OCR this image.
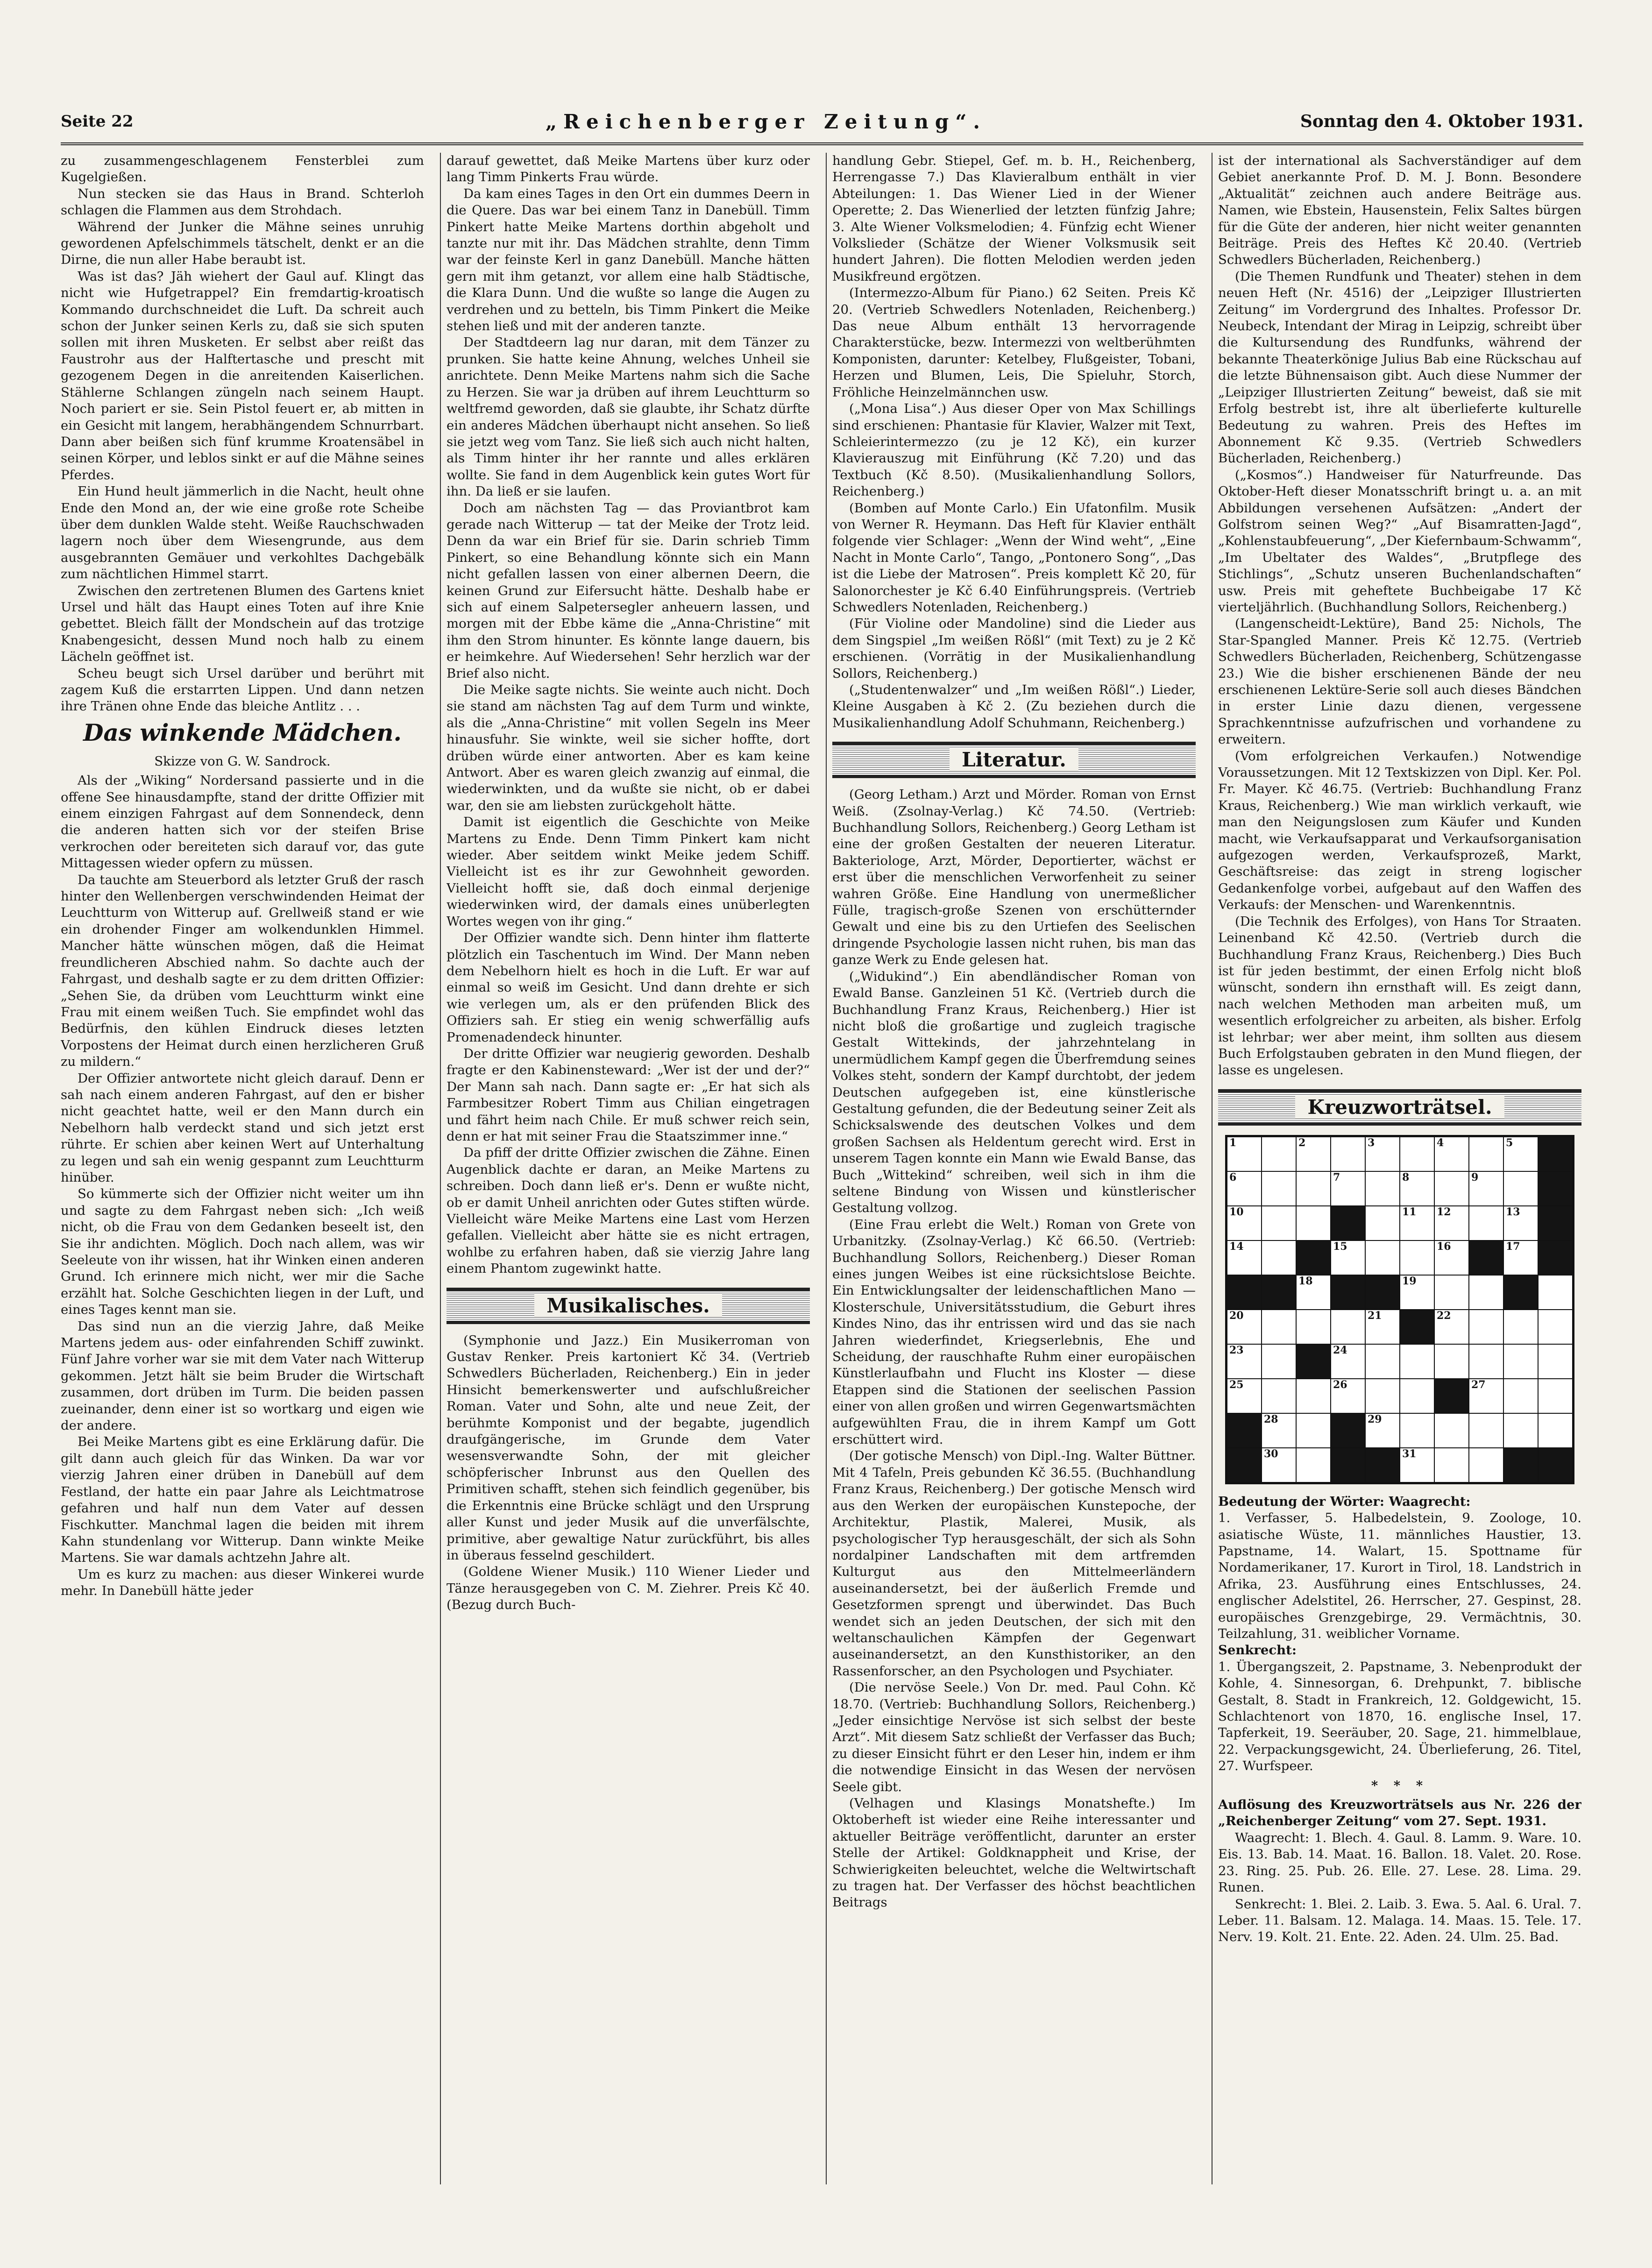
Seite 22	„Reichenberger Zeitung“.	Sonntag den 4. Oktober 1931.

zu zusammengeschlagenem Fensterblei zum Kugelgießen.

Nun stecken sie das Haus in Brand. Schterloh schlagen die Flammen aus dem Strohdach.

Während der Junker die Mähne seines unruhig gewordenen Apfelschimmels tätschelt, denkt er an die Dirne, die nun aller Habe beraubt ist.

Was ist das? Jäh wiehert der Gaul auf. Klingt das nicht wie Hufgetrappel? Ein fremdartig-kroatisch Kommando durchschneidet die Luft. Da schreit auch schon der Junker seinen Kerls zu, daß sie sich sputen sollen mit ihren Musketen. Er selbst aber reißt das Faustrohr aus der Halftertasche und prescht mit gezogenem Degen in die anreitenden Kaiserlichen. Stählerne Schlangen züngeln nach seinem Haupt. Noch pariert er sie. Sein Pistol feuert er, ab mitten in ein Gesicht mit langem, herabhängendem Schnurrbart. Dann aber beißen sich fünf krumme Kroatensäbel in seinen Körper, und leblos sinkt er auf die Mähne seines Pferdes.

Ein Hund heult jämmerlich in die Nacht, heult ohne Ende den Mond an, der wie eine große rote Scheibe über dem dunklen Walde steht. Weiße Rauchschwaden lagern noch über dem Wiesengrunde, aus dem ausgebrannten Gemäuer und verkohltes Dachgebälk zum nächtlichen Himmel starrt.

Zwischen den zertretenen Blumen des Gartens kniet Ursel und hält das Haupt eines Toten auf ihre Knie gebettet. Bleich fällt der Mondschein auf das trotzige Knabengesicht, dessen Mund noch halb zu einem Lächeln geöffnet ist.

Scheu beugt sich Ursel darüber und berührt mit zagem Kuß die erstarrten Lippen. Und dann netzen ihre Tränen ohne Ende das bleiche Antlitz . . .

Das winkende Mädchen.
Skizze von G. W. Sandrock.

Als der „Wiking“ Nordersand passierte und in die offene See hinausdampfte, stand der dritte Offizier mit einem einzigen Fahrgast auf dem Sonnendeck, denn die anderen hatten sich vor der steifen Brise verkrochen oder bereiteten sich darauf vor, das gute Mittagessen wieder opfern zu müssen.

Da tauchte am Steuerbord als letzter Gruß der rasch hinter den Wellenbergen verschwindenden Heimat der Leuchtturm von Witterup auf. Grellweiß stand er wie ein drohender Finger am wolkendunklen Himmel. Mancher hätte wünschen mögen, daß die Heimat freundlicheren Abschied nahm. So dachte auch der Fahrgast, und deshalb sagte er zu dem dritten Offizier: „Sehen Sie, da drüben vom Leuchtturm winkt eine Frau mit einem weißen Tuch. Sie empfindet wohl das Bedürfnis, den kühlen Eindruck dieses letzten Vorpostens der Heimat durch einen herzlicheren Gruß zu mildern.“

Der Offizier antwortete nicht gleich darauf. Denn er sah nach einem anderen Fahrgast, auf den er bisher nicht geachtet hatte, weil er den Mann durch ein Nebelhorn halb verdeckt stand und sich jetzt erst rührte. Er schien aber keinen Wert auf Unterhaltung zu legen und sah ein wenig gespannt zum Leuchtturm hinüber.

So kümmerte sich der Offizier nicht weiter um ihn und sagte zu dem Fahrgast neben sich: „Ich weiß nicht, ob die Frau von dem Gedanken beseelt ist, den Sie ihr andichten. Möglich. Doch nach allem, was wir Seeleute von ihr wissen, hat ihr Winken einen anderen Grund. Ich erinnere mich nicht, wer mir die Sache erzählt hat. Solche Geschichten liegen in der Luft, und eines Tages kennt man sie.

Das sind nun an die vierzig Jahre, daß Meike Martens jedem aus- oder einfahrenden Schiff zuwinkt. Fünf Jahre vorher war sie mit dem Vater nach Witterup gekommen. Jetzt hält sie beim Bruder die Wirtschaft zusammen, dort drüben im Turm. Die beiden passen zueinander, denn einer ist so wortkarg und eigen wie der andere.

Bei Meike Martens gibt es eine Erklärung dafür. Die gilt dann auch gleich für das Winken. Da war vor vierzig Jahren einer drüben in Danebüll auf dem Festland, der hatte ein paar Jahre als Leichtmatrose gefahren und half nun dem Vater auf dessen Fischkutter. Manchmal lagen die beiden mit ihrem Kahn stundenlang vor Witterup. Dann winkte Meike Martens. Sie war damals achtzehn Jahre alt.

Um es kurz zu machen: aus dieser Winkerei wurde mehr. In Danebüll hätte jeder

darauf gewettet, daß Meike Martens über kurz oder lang Timm Pinkerts Frau würde.

Da kam eines Tages in den Ort ein dummes Deern in die Quere. Das war bei einem Tanz in Danebüll. Timm Pinkert hatte Meike Martens dorthin abgeholt und tanzte nur mit ihr. Das Mädchen strahlte, denn Timm war der feinste Kerl in ganz Danebüll. Manche hätten gern mit ihm getanzt, vor allem eine halb Städtische, die Klara Dunn. Und die wußte so lange die Augen zu verdrehen und zu betteln, bis Timm Pinkert die Meike stehen ließ und mit der anderen tanzte.

Der Stadtdeern lag nur daran, mit dem Tänzer zu prunken. Sie hatte keine Ahnung, welches Unheil sie anrichtete. Denn Meike Martens nahm sich die Sache zu Herzen. Sie war ja drüben auf ihrem Leuchtturm so weltfremd geworden, daß sie glaubte, ihr Schatz dürfte ein anderes Mädchen überhaupt nicht ansehen. So ließ sie jetzt weg vom Tanz. Sie ließ sich auch nicht halten, als Timm hinter ihr her rannte und alles erklären wollte. Sie fand in dem Augenblick kein gutes Wort für ihn. Da ließ er sie laufen.

Doch am nächsten Tag — das Proviantbrot kam gerade nach Witterup — tat der Meike der Trotz leid. Denn da war ein Brief für sie. Darin schrieb Timm Pinkert, so eine Behandlung könnte sich ein Mann nicht gefallen lassen von einer albernen Deern, die keinen Grund zur Eifersucht hätte. Deshalb habe er sich auf einem Salpetersegler anheuern lassen, und morgen mit der Ebbe käme die „Anna-Christine“ mit ihm den Strom hinunter. Es könnte lange dauern, bis er heimkehre. Auf Wiedersehen! Sehr herzlich war der Brief also nicht.

Die Meike sagte nichts. Sie weinte auch nicht. Doch sie stand am nächsten Tag auf dem Turm und winkte, als die „Anna-Christine“ mit vollen Segeln ins Meer hinausfuhr. Sie winkte, weil sie sicher hoffte, dort drüben würde einer antworten. Aber es kam keine Antwort. Aber es waren gleich zwanzig auf einmal, die wiederwinkten, und da wußte sie nicht, ob er dabei war, den sie am liebsten zurückgeholt hätte.

Damit ist eigentlich die Geschichte von Meike Martens zu Ende. Denn Timm Pinkert kam nicht wieder. Aber seitdem winkt Meike jedem Schiff. Vielleicht ist es ihr zur Gewohnheit geworden. Vielleicht hofft sie, daß doch einmal derjenige wiederwinken wird, der damals eines unüberlegten Wortes wegen von ihr ging.“

Der Offizier wandte sich. Denn hinter ihm flatterte plötzlich ein Taschentuch im Wind. Der Mann neben dem Nebelhorn hielt es hoch in die Luft. Er war auf einmal so weiß im Gesicht. Und dann drehte er sich wie verlegen um, als er den prüfenden Blick des Offiziers sah. Er stieg ein wenig schwerfällig aufs Promenadendeck hinunter.

Der dritte Offizier war neugierig geworden. Deshalb fragte er den Kabinensteward: „Wer ist der und der?“ Der Mann sah nach. Dann sagte er: „Er hat sich als Farmbesitzer Robert Timm aus Chilian eingetragen und fährt heim nach Chile. Er muß schwer reich sein, denn er hat mit seiner Frau die Staatszimmer inne.“

Da pfiff der dritte Offizier zwischen die Zähne. Einen Augenblick dachte er daran, an Meike Martens zu schreiben. Doch dann ließ er's. Denn er wußte nicht, ob er damit Unheil anrichten oder Gutes stiften würde. Vielleicht wäre Meike Martens eine Last vom Herzen gefallen. Vielleicht aber hätte sie es nicht ertragen, wohlbe zu erfahren haben, daß sie vierzig Jahre lang einem Phantom zugewinkt hatte.

Musikalisches.

(Symphonie und Jazz.) Ein Musikerroman von Gustav Renker. Preis kartoniert Kč 34. (Vertrieb Schwedlers Bücherladen, Reichenberg.) Ein in jeder Hinsicht bemerkenswerter und aufschlußreicher Roman. Vater und Sohn, alte und neue Zeit, der berühmte Komponist und der begabte, jugendlich draufgängerische, im Grunde dem Vater wesensverwandte Sohn, der mit gleicher schöpferischer Inbrunst aus den Quellen des Primitiven schafft, stehen sich feindlich gegenüber, bis die Erkenntnis eine Brücke schlägt und den Ursprung aller Kunst und jeder Musik auf die unverfälschte, primitive, aber gewaltige Natur zurückführt, bis alles in überaus fesselnd geschildert.

(Goldene Wiener Musik.) 110 Wiener Lieder und Tänze herausgegeben von C. M. Ziehrer. Preis Kč 40. (Bezug durch Buch-

handlung Gebr. Stiepel, Gef. m. b. H., Reichenberg, Herrengasse 7.) Das Klavieralbum enthält in vier Abteilungen: 1. Das Wiener Lied in der Wiener Operette; 2. Das Wienerlied der letzten fünfzig Jahre; 3. Alte Wiener Volksmelodien; 4. Fünfzig echt Wiener Volkslieder (Schätze der Wiener Volksmusik seit hundert Jahren). Die flotten Melodien werden jeden Musikfreund ergötzen.

(Intermezzo-Album für Piano.) 62 Seiten. Preis Kč 20. (Vertrieb Schwedlers Notenladen, Reichenberg.) Das neue Album enthält 13 hervorragende Charakterstücke, bezw. Intermezzi von weltberühmten Komponisten, darunter: Ketelbey, Flußgeister, Tobani, Herzen und Blumen, Leis, Die Spieluhr, Storch, Fröhliche Heinzelmännchen usw.

(„Mona Lisa“.) Aus dieser Oper von Max Schillings sind erschienen: Phantasie für Klavier, Walzer mit Text, Schleierintermezzo (zu je 12 Kč), ein kurzer Klavierauszug mit Einführung (Kč 7.20) und das Textbuch (Kč 8.50). (Musikalienhandlung Sollors, Reichenberg.)

(Bomben auf Monte Carlo.) Ein Ufatonfilm. Musik von Werner R. Heymann. Das Heft für Klavier enthält folgende vier Schlager: „Wenn der Wind weht“, „Eine Nacht in Monte Carlo“, Tango, „Pontonero Song“, „Das ist die Liebe der Matrosen“. Preis komplett Kč 20, für Salonorchester je Kč 6.40 Einführungspreis. (Vertrieb Schwedlers Notenladen, Reichenberg.)

(Für Violine oder Mandoline) sind die Lieder aus dem Singspiel „Im weißen Rößl“ (mit Text) zu je 2 Kč erschienen. (Vorrätig in der Musikalienhandlung Sollors, Reichenberg.)

(„Studentenwalzer“ und „Im weißen Rößl“.) Lieder, Kleine Ausgaben à Kč 2. (Zu beziehen durch die Musikalienhandlung Adolf Schuhmann, Reichenberg.)

Literatur.

(Georg Letham.) Arzt und Mörder. Roman von Ernst Weiß. (Zsolnay-Verlag.) Kč 74.50. (Vertrieb: Buchhandlung Sollors, Reichenberg.) Georg Letham ist eine der großen Gestalten der neueren Literatur. Bakteriologe, Arzt, Mörder, Deportierter, wächst er erst über die menschlichen Verworfenheit zu seiner wahren Größe. Eine Handlung von unermeßlicher Fülle, tragisch-große Szenen von erschütternder Gewalt und eine bis zu den Urtiefen des Seelischen dringende Psychologie lassen nicht ruhen, bis man das ganze Werk zu Ende gelesen hat.

(„Widukind“.) Ein abendländischer Roman von Ewald Banse. Ganzleinen 51 Kč. (Vertrieb durch die Buchhandlung Franz Kraus, Reichenberg.) Hier ist nicht bloß die großartige und zugleich tragische Gestalt Wittekinds, der jahrzehntelang in unermüdlichem Kampf gegen die Überfremdung seines Volkes steht, sondern der Kampf durchtobt, der jedem Deutschen aufgegeben ist, eine künstlerische Gestaltung gefunden, die der Bedeutung seiner Zeit als Schicksalswende des deutschen Volkes und dem großen Sachsen als Heldentum gerecht wird. Erst in unserem Tagen konnte ein Mann wie Ewald Banse, das Buch „Wittekind“ schreiben, weil sich in ihm die seltene Bindung von Wissen und künstlerischer Gestaltung vollzog.

(Eine Frau erlebt die Welt.) Roman von Grete von Urbanitzky. (Zsolnay-Verlag.) Kč 66.50. (Vertrieb: Buchhandlung Sollors, Reichenberg.) Dieser Roman eines jungen Weibes ist eine rücksichtslose Beichte. Ein Entwicklungsalter der leidenschaftlichen Mano — Klosterschule, Universitätsstudium, die Geburt ihres Kindes Nino, das ihr entrissen wird und das sie nach Jahren wiederfindet, Kriegserlebnis, Ehe und Scheidung, der rauschhafte Ruhm einer europäischen Künstlerlaufbahn und Flucht ins Kloster — diese Etappen sind die Stationen der seelischen Passion einer von allen großen und wirren Gegenwartsmächten aufgewühlten Frau, die in ihrem Kampf um Gott erschüttert wird.

(Der gotische Mensch) von Dipl.-Ing. Walter Büttner. Mit 4 Tafeln, Preis gebunden Kč 36.55. (Buchhandlung Franz Kraus, Reichenberg.) Der gotische Mensch wird aus den Werken der europäischen Kunstepoche, der Architektur, Plastik, Malerei, Musik, als psychologischer Typ herausgeschält, der sich als Sohn nordalpiner Landschaften mit dem artfremden Kulturgut aus den Mittelmeerländern auseinandersetzt, bei der äußerlich Fremde und Gesetzformen sprengt und überwindet. Das Buch wendet sich an jeden Deutschen, der sich mit den weltanschaulichen Kämpfen der Gegenwart auseinandersetzt, an den Kunsthistoriker, an den Rassenforscher, an den Psychologen und Psychiater.

(Die nervöse Seele.) Von Dr. med. Paul Cohn. Kč 18.70. (Vertrieb: Buchhandlung Sollors, Reichenberg.) „Jeder einsichtige Nervöse ist sich selbst der beste Arzt“. Mit diesem Satz schließt der Verfasser das Buch; zu dieser Einsicht führt er den Leser hin, indem er ihm die notwendige Einsicht in das Wesen der nervösen Seele gibt.

(Velhagen und Klasings Monatshefte.) Im Oktoberheft ist wieder eine Reihe interessanter und aktueller Beiträge veröffentlicht, darunter an erster Stelle der Artikel: Goldknappheit und Krise, der Schwierigkeiten beleuchtet, welche die Weltwirtschaft zu tragen hat. Der Verfasser des höchst beachtlichen Beitrags

ist der international als Sachverständiger auf dem Gebiet anerkannte Prof. D. M. J. Bonn. Besondere „Aktualität“ zeichnen auch andere Beiträge aus. Namen, wie Ebstein, Hausenstein, Felix Saltes bürgen für die Güte der anderen, hier nicht weiter genannten Beiträge. Preis des Heftes Kč 20.40. (Vertrieb Schwedlers Bücherladen, Reichenberg.)

(Die Themen Rundfunk und Theater) stehen in dem neuen Heft (Nr. 4516) der „Leipziger Illustrierten Zeitung“ im Vordergrund des Inhaltes. Professor Dr. Neubeck, Intendant der Mirag in Leipzig, schreibt über die Kultursendung des Rundfunks, während der bekannte Theaterkönige Julius Bab eine Rückschau auf die letzte Bühnensaison gibt. Auch diese Nummer der „Leipziger Illustrierten Zeitung“ beweist, daß sie mit Erfolg bestrebt ist, ihre alt überlieferte kulturelle Bedeutung zu wahren. Preis des Heftes im Abonnement Kč 9.35. (Vertrieb Schwedlers Bücherladen, Reichenberg.)

(„Kosmos“.) Handweiser für Naturfreunde. Das Oktober-Heft dieser Monatsschrift bringt u. a. an mit Abbildungen versehenen Aufsätzen: „Andert der Golfstrom seinen Weg?“ „Auf Bisamratten-Jagd“, „Kohlenstaubfeuerung“, „Der Kiefernbaum-Schwamm“, „Im Ubeltater des Waldes“, „Brutpflege des Stichlings“, „Schutz unseren Buchenlandschaften“ usw. Preis mit geheftete Buchbeigabe 17 Kč vierteljährlich. (Buchhandlung Sollors, Reichenberg.)

(Langenscheidt-Lektüre), Band 25: Nichols, The Star-Spangled Manner. Preis Kč 12.75. (Vertrieb Schwedlers Bücherladen, Reichenberg, Schützengasse 23.) Wie die bisher erschienenen Bände der neu erschienenen Lektüre-Serie soll auch dieses Bändchen in erster Linie dazu dienen, vergessene Sprachkenntnisse aufzufrischen und vorhandene zu erweitern.

(Vom erfolgreichen Verkaufen.) Notwendige Voraussetzungen. Mit 12 Textskizzen von Dipl. Ker. Pol. Fr. Mayer. Kč 46.75. (Vertrieb: Buchhandlung Franz Kraus, Reichenberg.) Wie man wirklich verkauft, wie man den Neigungslosen zum Käufer und Kunden macht, wie Verkaufsapparat und Verkaufsorganisation aufgezogen werden, Verkaufsprozeß, Markt, Geschäftsreise: das zeigt in streng logischer Gedankenfolge vorbei, aufgebaut auf den Waffen des Verkaufs: der Menschen- und Warenkenntnis.

(Die Technik des Erfolges), von Hans Tor Straaten. Leinenband Kč 42.50. (Vertrieb durch die Buchhandlung Franz Kraus, Reichenberg.) Dies Buch ist für jeden bestimmt, der einen Erfolg nicht bloß wünscht, sondern ihn ernsthaft will. Es zeigt dann, nach welchen Methoden man arbeiten muß, um wesentlich erfolgreicher zu arbeiten, als bisher. Erfolg ist lehrbar; wer aber meint, ihm sollten aus diesem Buch Erfolgstauben gebraten in den Mund fliegen, der lasse es ungelesen.

Kreuzworträtsel.
1	2	3	4	5
6	7	8	9
10	11 12	13
14	15	16	17
18	19
20	21	22
23	24
25	26	27
28	29
30	31

Bedeutung der Wörter: Waagrecht:

1. Verfasser, 5. Halbedelstein, 9. Zoologe, 10. asiatische Wüste, 11. männliches Haustier, 13. Papstname, 14. Walart, 15. Spottname für Nordamerikaner, 17. Kurort in Tirol, 18. Landstrich in Afrika, 23. Ausführung eines Entschlusses, 24. englischer Adelstitel, 26. Herrscher, 27. Gespinst, 28. europäisches Grenzgebirge, 29. Vermächtnis, 30. Teilzahlung, 31. weiblicher Vorname.

Senkrecht:

1. Übergangszeit, 2. Papstname, 3. Nebenprodukt der Kohle, 4. Sinnesorgan, 6. Drehpunkt, 7. biblische Gestalt, 8. Stadt in Frankreich, 12. Goldgewicht, 15. Schlachtenort von 1870, 16. englische Insel, 17. Tapferkeit, 19. Seeräuber, 20. Sage, 21. himmelblaue, 22. Verpackungsgewicht, 24. Überlieferung, 26. Titel, 27. Wurfspeer.

* * *

Auflösung des Kreuzworträtsels aus Nr. 226 der „Reichenberger Zeitung“ vom 27. Sept. 1931.

Waagrecht: 1. Blech. 4. Gaul. 8. Lamm. 9. Ware. 10. Eis. 13. Bab. 14. Maat. 16. Ballon. 18. Valet. 20. Rose. 23. Ring. 25. Pub. 26. Elle. 27. Lese. 28. Lima. 29. Runen.

Senkrecht: 1. Blei. 2. Laib. 3. Ewa. 5. Aal. 6. Ural. 7. Leber. 11. Balsam. 12. Malaga. 14. Maas. 15. Tele. 17. Nerv. 19. Kolt. 21. Ente. 22. Aden. 24. Ulm. 25. Bad.
